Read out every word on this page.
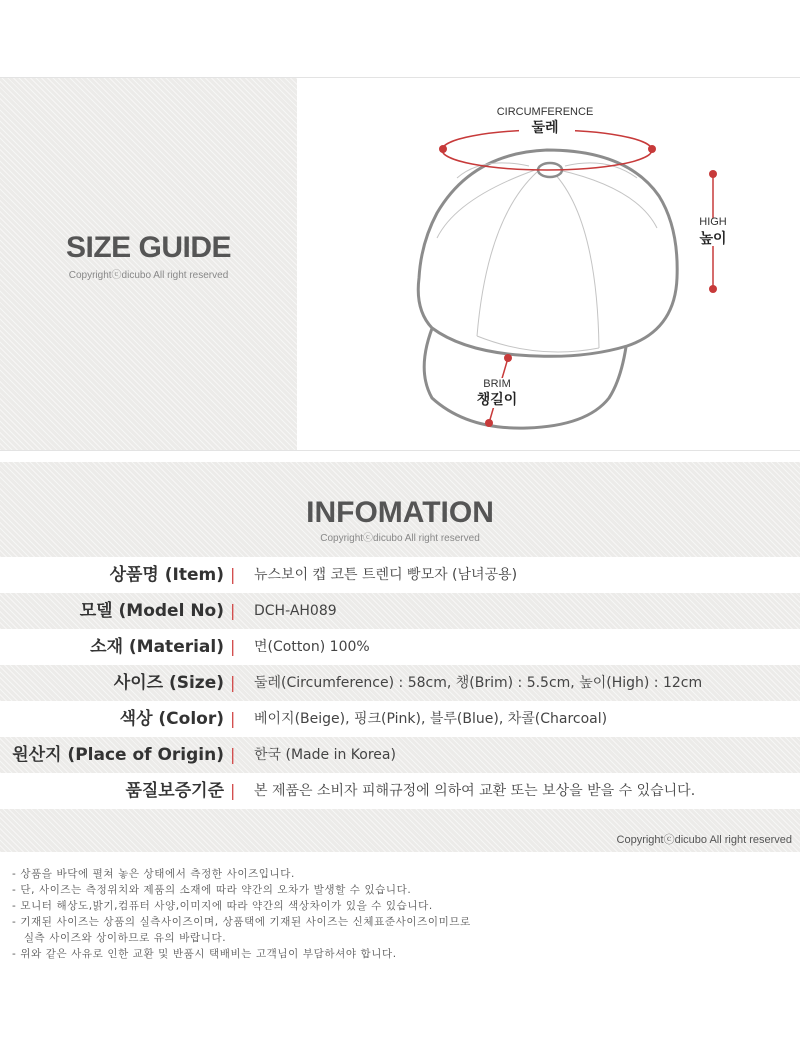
SIZE GUIDE
Copyrightⓒdicubo All right reserved
CIRCUMFERENCE
둘레
HIGH
높이
BRIM
챙길이
INFOMATION
Copyrightⓒdicubo All right reserved
상품명 (Item) | 뉴스보이 캡 코튼 트렌디 빵모자 (남녀공용)
모델 (Model No) | DCH-AH089
소재 (Material) | 면(Cotton) 100%
사이즈 (Size) | 둘레(Circumference) : 58cm, 챙(Brim) : 5.5cm, 높이(High) : 12cm
색상 (Color) | 베이지(Beige), 핑크(Pink), 블루(Blue), 차콜(Charcoal)
원산지 (Place of Origin) | 한국 (Made in Korea)
품질보증기준 | 본 제품은 소비자 피해규정에 의하여 교환 또는 보상을 받을 수 있습니다.
Copyrightⓒdicubo All right reserved
- 상품을 바닥에 펼쳐 놓은 상태에서 측정한 사이즈입니다.
- 단, 사이즈는 측정위치와 제품의 소재에 따라 약간의 오차가 발생할 수 있습니다.
- 모니터 해상도,밝기,컴퓨터 사양,이미지에 따라 약간의 색상차이가 있을 수 있습니다.
- 기재된 사이즈는 상품의 실측사이즈이며, 상품택에 기재된 사이즈는 신체표준사이즈이미므로
실측 사이즈와 상이하므로 유의 바랍니다.
- 위와 같은 사유로 인한 교환 및 반품시 택배비는 고객님이 부담하셔야 합니다.
